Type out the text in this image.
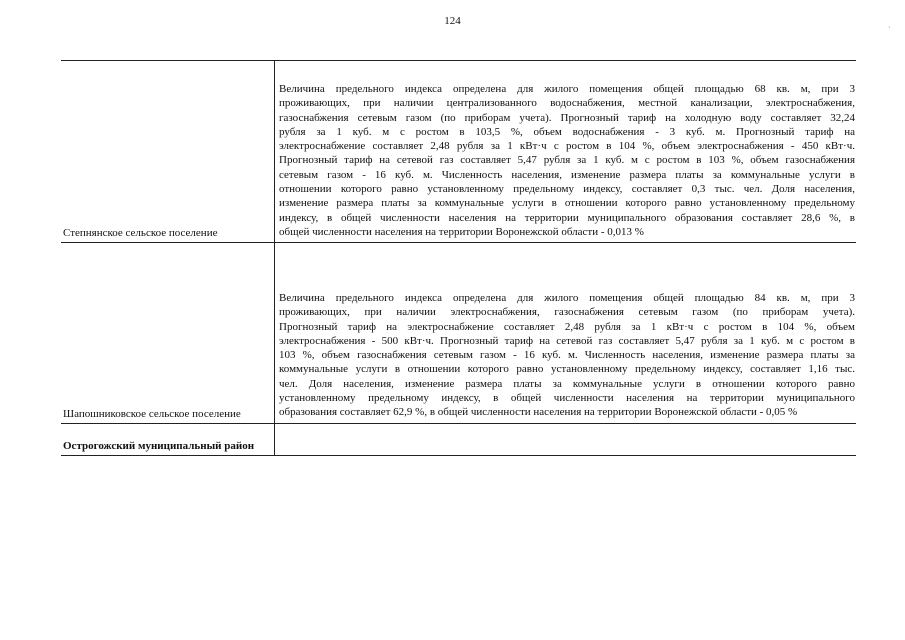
124
·
Степнянское сельское поселение
Величина предельного индекса определена для жилого помещения общей площадью 68 кв. м, при 3
проживающих, при наличии централизованного водоснабжения, местной канализации, электроснабжения,
газоснабжения сетевым газом (по приборам учета). Прогнозный тариф на холодную воду составляет 32,24
рубля за 1 куб. м с ростом в 103,5 %, объем водоснабжения - 3 куб. м. Прогнозный тариф на
электроснабжение составляет 2,48 рубля за 1 кВт·ч с ростом в 104 %, объем электроснабжения - 450 кВт·ч.
Прогнозный тариф на сетевой газ составляет 5,47 рубля за 1 куб. м с ростом в 103 %, объем газоснабжения
сетевым газом - 16 куб. м. Численность населения, изменение размера платы за коммунальные услуги в
отношении которого равно установленному предельному индексу, составляет 0,3 тыс. чел. Доля населения,
изменение размера платы за коммунальные услуги в отношении которого равно установленному предельному
индексу, в общей численности населения на территории муниципального образования составляет 28,6 %, в
общей численности населения на территории Воронежской области - 0,013 %
Шапошниковское сельское поселение
Величина предельного индекса определена для жилого помещения общей площадью 84 кв. м, при 3
проживающих, при наличии электроснабжения, газоснабжения сетевым газом (по приборам учета).
Прогнозный тариф на электроснабжение составляет 2,48 рубля за 1 кВт·ч с ростом в 104 %, объем
электроснабжения - 500 кВт·ч. Прогнозный тариф на сетевой газ составляет 5,47 рубля за 1 куб. м с ростом в
103 %, объем газоснабжения сетевым газом - 16 куб. м. Численность населения, изменение размера платы за
коммунальные услуги в отношении которого равно установленному предельному индексу, составляет 1,16 тыс.
чел. Доля населения, изменение размера платы за коммунальные услуги в отношении которого равно
установленному предельному индексу, в общей численности населения на территории муниципального
образования составляет 62,9 %, в общей численности населения на территории Воронежской области - 0,05 %
Острогожский муниципальный район
